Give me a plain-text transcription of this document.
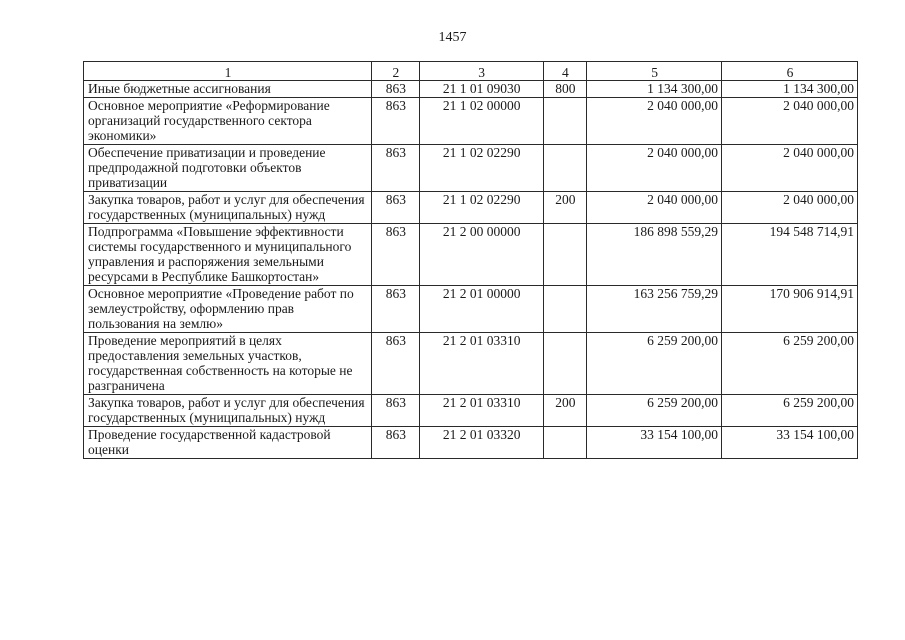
1457
1	2	3	4	5	6
Иные бюджетные ассигнования	863	21 1 01 09030	800	1 134 300,00	1 134 300,00
Основное мероприятие «Реформирование организаций государственного сектора экономики»	863	21 1 02 00000		2 040 000,00	2 040 000,00
Обеспечение приватизации и проведение предпродажной подготовки объектов приватизации	863	21 1 02 02290		2 040 000,00	2 040 000,00
Закупка товаров, работ и услуг для обеспечения государственных (муниципальных) нужд	863	21 1 02 02290	200	2 040 000,00	2 040 000,00
Подпрограмма «Повышение эффективности системы государственного и муниципального управления и распоряжения земельными ресурсами в Республике Башкортостан»	863	21 2 00 00000		186 898 559,29	194 548 714,91
Основное мероприятие «Проведение работ по землеустройству, оформлению прав пользования на землю»	863	21 2 01 00000		163 256 759,29	170 906 914,91
Проведение мероприятий в целях предоставления земельных участков, государственная собственность на которые не разграничена	863	21 2 01 03310		6 259 200,00	6 259 200,00
Закупка товаров, работ и услуг для обеспечения государственных (муниципальных) нужд	863	21 2 01 03310	200	6 259 200,00	6 259 200,00
Проведение государственной кадастровой оценки	863	21 2 01 03320		33 154 100,00	33 154 100,00
